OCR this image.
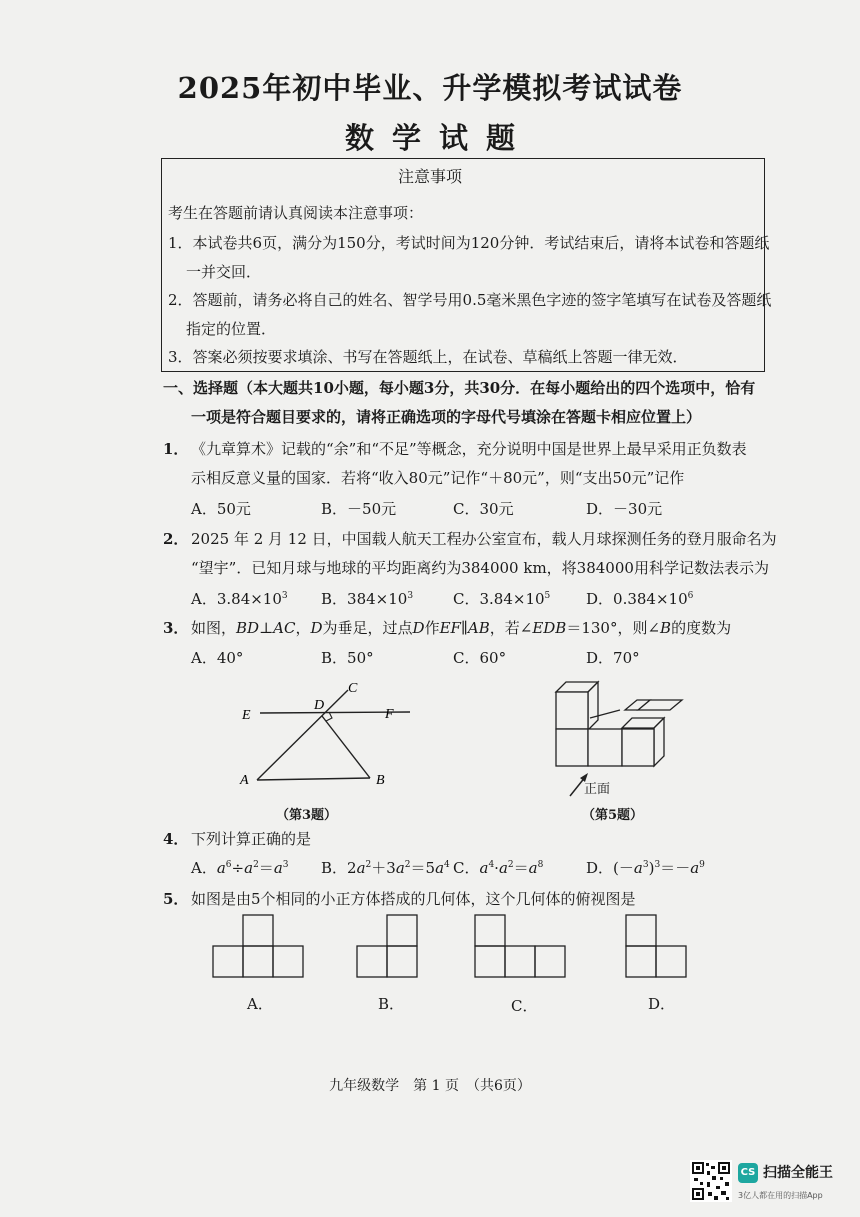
2025年初中毕业、升学模拟考试试卷
数学试题
注意事项
考生在答题前请认真阅读本注意事项：
1．本试卷共6页，满分为150分，考试时间为120分钟．考试结束后，请将本试卷和答题纸
一并交回．
2．答题前，请务必将自己的姓名、智学号用0.5毫米黑色字迹的签字笔填写在试卷及答题纸
指定的位置．
3．答案必须按要求填涂、书写在答题纸上，在试卷、草稿纸上答题一律无效．
一、选择题（本大题共10小题，每小题3分，共30分．在每小题给出的四个选项中，恰有
一项是符合题目要求的，请将正确选项的字母代号填涂在答题卡相应位置上）
1． 《九章算术》记载的“余”和“不足”等概念，充分说明中国是世界上最早采用正负数表
示相反意义量的国家．若将“收入80元”记作“＋80元”，则“支出50元”记作
A．50元	B．－50元	C．30元	D．－30元
2． 2025 年 2 月 12 日，中国载人航天工程办公室宣布，载人月球探测任务的登月服命名为
“望宇”．已知月球与地球的平均距离约为384000 km，将384000用科学记数法表示为
A．$3.84\times 10^3$ B．$384\times 10^3$	C．$3.84\times 10^5$ D．$0.384\times 10^6$
3． 如图，BD⊥AC，D为垂足，过点D作EF∥AB，若∠EDB＝130°，则∠B的度数为
A．40°	B．50°	C．60°	D．70°
E
D
C
F
A	B
（第3题）
正面
（第5题）
4． 下列计算正确的是
A．$a^6\div a^2=a^3$ B．$2a^2+3a^2=5a^4$ C．$a^4\cdot a^2=a^8$	D．$(-a^3)^3=-a^9$
5． 如图是由5个相同的小正方体搭成的几何体，这个几何体的俯视图是
A．	B．	C．	D．
九年级数学　第 1 页　（共6页）
CS 扫描全能王
3亿人都在用的扫描App
